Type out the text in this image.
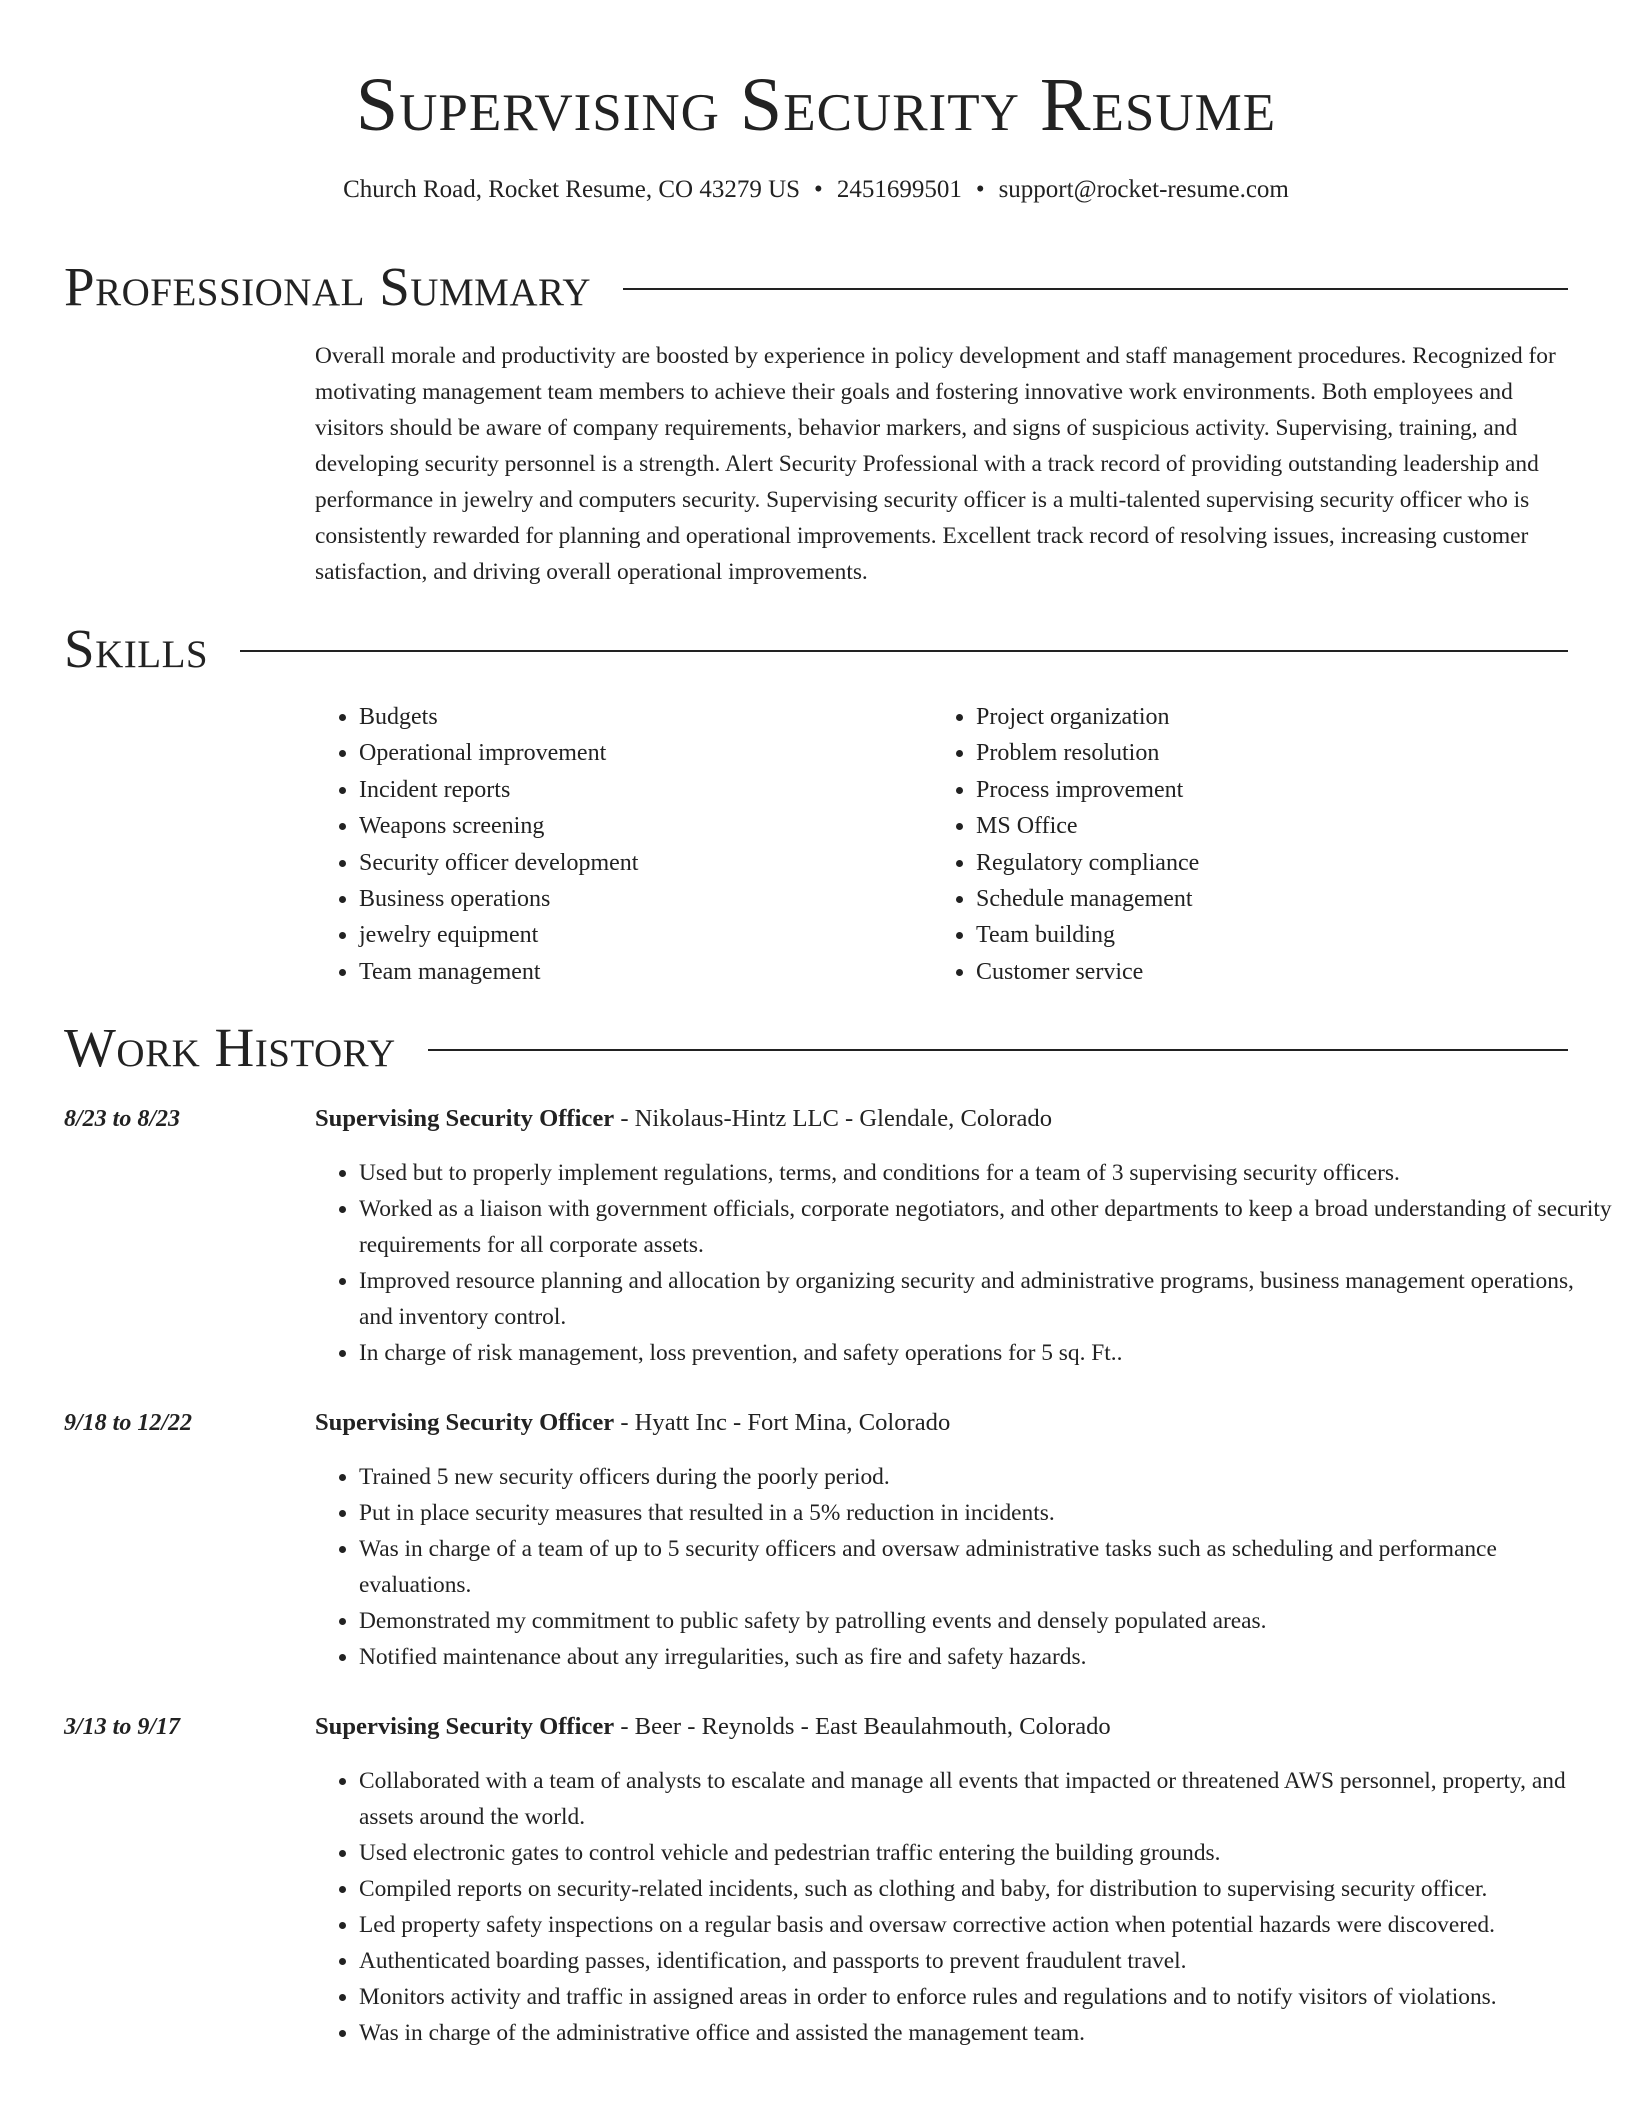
Supervising Security Resume
Church Road, Rocket Resume, CO 43279 US • 2451699501 • support@rocket-resume.com
Professional Summary

Overall morale and productivity are boosted by experience in policy development and staff management procedures. Recognized for motivating management team members to achieve their goals and fostering innovative work environments. Both employees and visitors should be aware of company requirements, behavior markers, and signs of suspicious activity. Supervising, training, and developing security personnel is a strength. Alert Security Professional with a track record of providing outstanding leadership and performance in jewelry and computers security. Supervising security officer is a multi-talented supervising security officer who is consistently rewarded for planning and operational improvements. Excellent track record of resolving issues, increasing customer satisfaction, and driving overall operational improvements.

Skills
• Budgets
• Operational improvement
• Incident reports
• Weapons screening
• Security officer development
• Business operations
• jewelry equipment
• Team management
• Project organization
• Problem resolution
• Process improvement
• MS Office
• Regulatory compliance
• Schedule management
• Team building
• Customer service
Work History
8/23 to 8/23	Supervising Security Officer - Nikolaus-Hintz LLC - Glendale, Colorado
• Used but to properly implement regulations, terms, and conditions for a team of 3 supervising security officers.
• Worked as a liaison with government officials, corporate negotiators, and other departments to keep a broad understanding of security requirements for all corporate assets.
• Improved resource planning and allocation by organizing security and administrative programs, business management operations, and inventory control.
• In charge of risk management, loss prevention, and safety operations for 5 sq. Ft..
9/18 to 12/22	Supervising Security Officer - Hyatt Inc - Fort Mina, Colorado
• Trained 5 new security officers during the poorly period.
• Put in place security measures that resulted in a 5% reduction in incidents.
• Was in charge of a team of up to 5 security officers and oversaw administrative tasks such as scheduling and performance evaluations.
• Demonstrated my commitment to public safety by patrolling events and densely populated areas.
• Notified maintenance about any irregularities, such as fire and safety hazards.
3/13 to 9/17	Supervising Security Officer - Beer - Reynolds - East Beaulahmouth, Colorado
• Collaborated with a team of analysts to escalate and manage all events that impacted or threatened AWS personnel, property, and assets around the world.
• Used electronic gates to control vehicle and pedestrian traffic entering the building grounds.
• Compiled reports on security-related incidents, such as clothing and baby, for distribution to supervising security officer.
• Led property safety inspections on a regular basis and oversaw corrective action when potential hazards were discovered.
• Authenticated boarding passes, identification, and passports to prevent fraudulent travel.
• Monitors activity and traffic in assigned areas in order to enforce rules and regulations and to notify visitors of violations.
• Was in charge of the administrative office and assisted the management team.
